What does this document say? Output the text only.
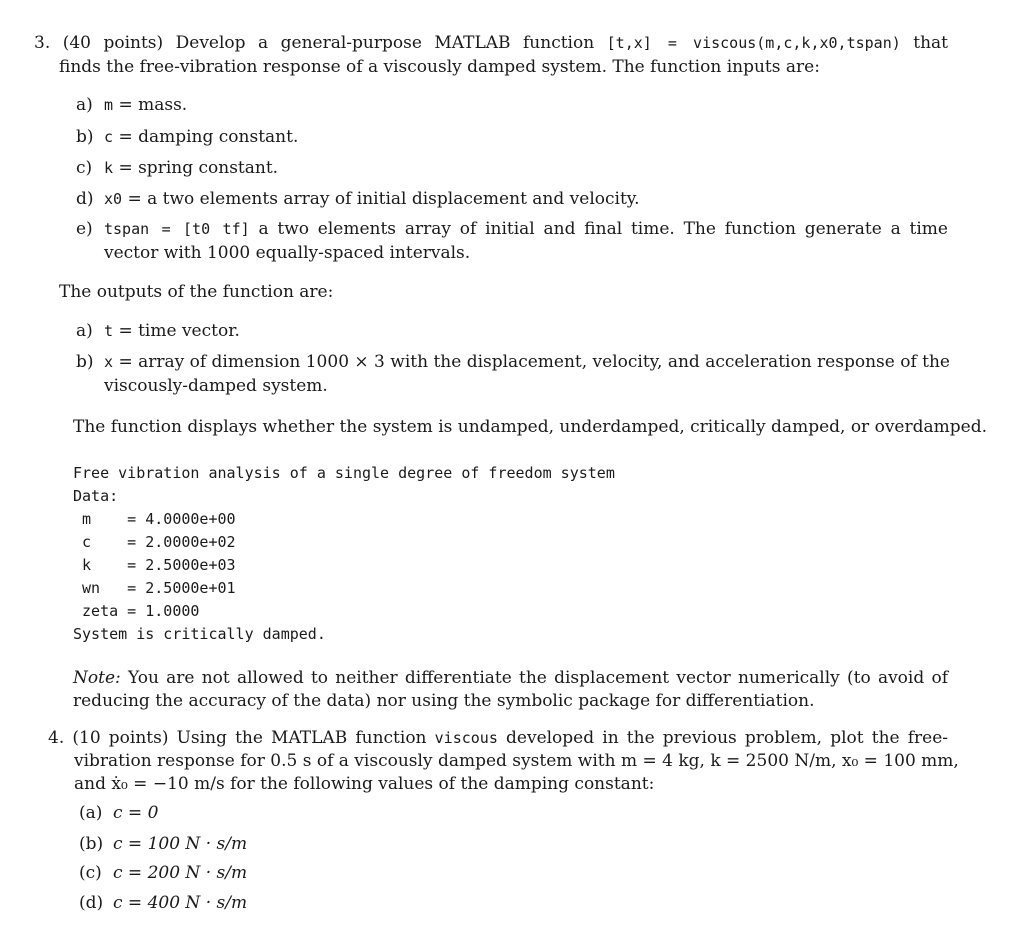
3. (40 points) Develop a general-purpose MATLAB function [t,x] = viscous(m,c,k,x0,tspan) that
finds the free-vibration response of a viscously damped system. The function inputs are:
a) m = mass.
b) c = damping constant.
c) k = spring constant.
d) x0 = a two elements array of initial displacement and velocity.
e) tspan = [t0 tf] a two elements array of initial and final time. The function generate a time
vector with 1000 equally-spaced intervals.
The outputs of the function are:
a) t = time vector.
b) x = array of dimension 1000 × 3 with the displacement, velocity, and acceleration response of the
viscously-damped system.
The function displays whether the system is undamped, underdamped, critically damped, or overdamped.
Free vibration analysis of a single degree of freedom system
Data:
m    = 4.0000e+00
c    = 2.0000e+02
k    = 2.5000e+03
wn   = 2.5000e+01
zeta = 1.0000
System is critically damped.
Note: You are not allowed to neither differentiate the displacement vector numerically (to avoid of
reducing the accuracy of the data) nor using the symbolic package for differentiation.
4. (10 points) Using the MATLAB function viscous developed in the previous problem, plot the free-
vibration response for 0.5 s of a viscously damped system with m = 4 kg, k = 2500 N/m, x₀ = 100 mm,
and ẋ₀ = −10 m/s for the following values of the damping constant:
(a) c = 0
(b) c = 100 N · s/m
(c) c = 200 N · s/m
(d) c = 400 N · s/m
